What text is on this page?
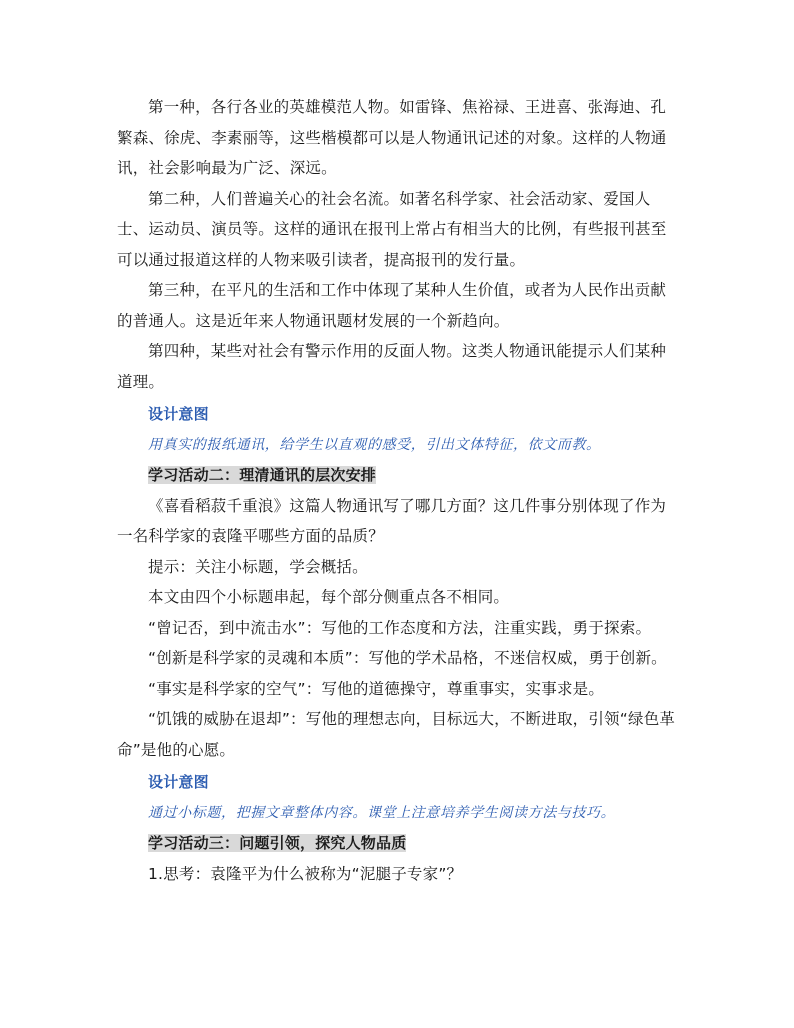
第一种，各行各业的英雄模范人物。如雷锋、焦裕禄、王进喜、张海迪、孔繁森、徐虎、李素丽等，这些楷模都可以是人物通讯记述的对象。这样的人物通讯，社会影响最为广泛、深远。

第二种，人们普遍关心的社会名流。如著名科学家、社会活动家、爱国人士、运动员、演员等。这样的通讯在报刊上常占有相当大的比例，有些报刊甚至可以通过报道这样的人物来吸引读者，提高报刊的发行量。

第三种，在平凡的生活和工作中体现了某种人生价值，或者为人民作出贡献的普通人。这是近年来人物通讯题材发展的一个新趋向。

第四种，某些对社会有警示作用的反面人物。这类人物通讯能提示人们某种道理。

设计意图

用真实的报纸通讯，给学生以直观的感受，引出文体特征，依文而教。

学习活动二：理清通讯的层次安排

《喜看稻菽千重浪》这篇人物通讯写了哪几方面？这几件事分别体现了作为一名科学家的袁隆平哪些方面的品质？

提示：关注小标题，学会概括。

本文由四个小标题串起，每个部分侧重点各不相同。

“曾记否，到中流击水”：写他的工作态度和方法，注重实践，勇于探索。

“创新是科学家的灵魂和本质”：写他的学术品格，不迷信权威，勇于创新。

“事实是科学家的空气”：写他的道德操守，尊重事实，实事求是。

“饥饿的威胁在退却”：写他的理想志向，目标远大，不断进取，引领“绿色革命”是他的心愿。

设计意图

通过小标题，把握文章整体内容。课堂上注意培养学生阅读方法与技巧。

学习活动三：问题引领，探究人物品质

1.思考：袁隆平为什么被称为“泥腿子专家”？
